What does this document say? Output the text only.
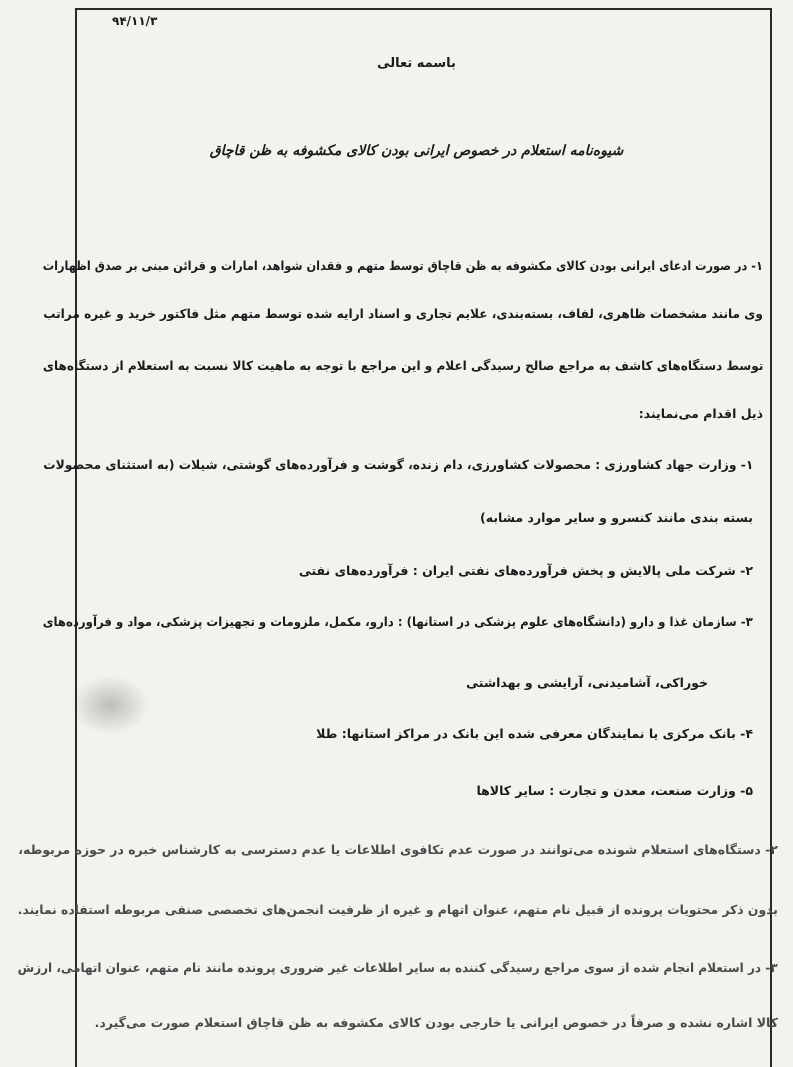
۹۴/۱۱/۳
باسمه تعالی
شیوه‌نامه استعلام در خصوص ایرانی بودن کالای مکشوفه به ظن قاچاق
۱- در صورت ادعای ایرانی بودن کالای مکشوفه به ظن قاچاق توسط متهم و فقدان شواهد، امارات و قرائن مبنی بر صدق اظهارات
وی مانند مشخصات ظاهری، لفاف، بسته‌بندی، علایم تجاری و اسناد ارایه شده توسط متهم مثل فاکتور خرید و غیره مراتب
توسط دستگاه‌های کاشف به مراجع صالح رسیدگی اعلام و این مراجع با توجه به ماهیت کالا نسبت به استعلام از دستگاه‌های
ذیل اقدام می‌نمایند:
۱- وزارت جهاد کشاورزی : محصولات کشاورزی، دام زنده، گوشت و فرآورده‌های گوشتی، شیلات (به استثنای محصولات
بسته بندی مانند کنسرو و سایر موارد مشابه)
۲- شرکت ملی پالایش و پخش فرآورده‌های نفتی ایران : فرآورده‌های نفتی
۳- سازمان غذا و دارو (دانشگاه‌های علوم پزشکی در استانها) : دارو، مکمل، ملزومات و تجهیزات پزشکی، مواد و فرآورده‌های
خوراکی، آشامیدنی، آرایشی و بهداشتی
۴- بانک مرکزی یا نمایندگان معرفی شده این بانک در مراکز استانها: طلا
۵- وزارت صنعت، معدن و تجارت : سایر کالاها
۲- دستگاه‌های استعلام شونده می‌توانند در صورت عدم تکافوی اطلاعات یا عدم دسترسی به کارشناس خبره در حوزه مربوطه،
بدون ذکر محتویات پرونده از قبیل نام متهم، عنوان اتهام و غیره از ظرفیت انجمن‌های تخصصی صنفی مربوطه استفاده نمایند.
۳- در استعلام انجام شده از سوی مراجع رسیدگی کننده به سایر اطلاعات غیر ضروری پرونده مانند نام متهم، عنوان اتهامی، ارزش
کالا اشاره نشده و صرفاً در خصوص ایرانی یا خارجی بودن کالای مکشوفه به ظن قاچاق استعلام صورت می‌گیرد.
